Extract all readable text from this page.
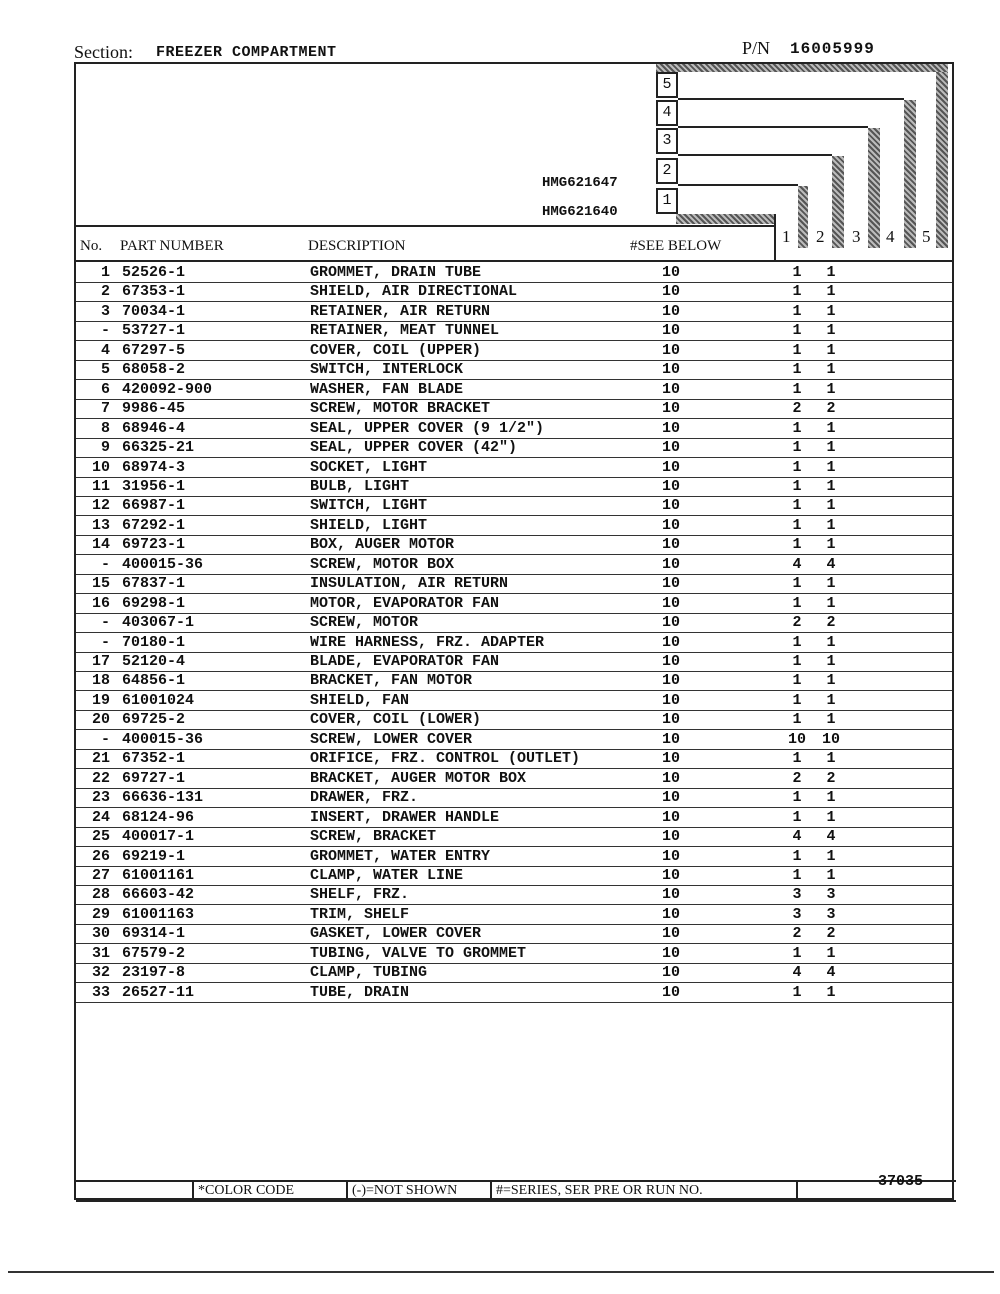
Section: FREEZER COMPARTMENT	P/N 16005999
5
4
3
2
1
1 2 3 4 5
HMG621647
HMG621640
No. PART NUMBER	DESCRIPTION	#SEE BELOW
1 52526-1	GROMMET, DRAIN TUBE	10	1	1
2 67353-1	SHIELD, AIR DIRECTIONAL	10	1	1
3 70034-1	RETAINER, AIR RETURN	10	1	1
- 53727-1	RETAINER, MEAT TUNNEL	10	1	1
4 67297-5	COVER, COIL (UPPER)	10	1	1
5 68058-2	SWITCH, INTERLOCK	10	1	1
6 420092-900	WASHER, FAN BLADE	10	1	1
7 9986-45	SCREW, MOTOR BRACKET	10	2	2
8 68946-4	SEAL, UPPER COVER (9 1/2")	10	1	1
9 66325-21	SEAL, UPPER COVER (42")	10	1	1
10 68974-3	SOCKET, LIGHT	10	1	1
11 31956-1	BULB, LIGHT	10	1	1
12 66987-1	SWITCH, LIGHT	10	1	1
13 67292-1	SHIELD, LIGHT	10	1	1
14 69723-1	BOX, AUGER MOTOR	10	1	1
- 400015-36	SCREW, MOTOR BOX	10	4	4
15 67837-1	INSULATION, AIR RETURN	10	1	1
16 69298-1	MOTOR, EVAPORATOR FAN	10	1	1
- 403067-1	SCREW, MOTOR	10	2	2
- 70180-1	WIRE HARNESS, FRZ. ADAPTER	10	1	1
17 52120-4	BLADE, EVAPORATOR FAN	10	1	1
18 64856-1	BRACKET, FAN MOTOR	10	1	1
19 61001024	SHIELD, FAN	10	1	1
20 69725-2	COVER, COIL (LOWER)	10	1	1
- 400015-36	SCREW, LOWER COVER	10	10	10
21 67352-1	ORIFICE, FRZ. CONTROL (OUTLET)	10	1	1
22 69727-1	BRACKET, AUGER MOTOR BOX	10	2	2
23 66636-131	DRAWER, FRZ.	10	1	1
24 68124-96	INSERT, DRAWER HANDLE	10	1	1
25 400017-1	SCREW, BRACKET	10	4	4
26 69219-1	GROMMET, WATER ENTRY	10	1	1
27 61001161	CLAMP, WATER LINE	10	1	1
28 66603-42	SHELF, FRZ.	10	3	3
29 61001163	TRIM, SHELF	10	3	3
30 69314-1	GASKET, LOWER COVER	10	2	2
31 67579-2	TUBING, VALVE TO GROMMET	10	1	1
32 23197-8	CLAMP, TUBING	10	4	4
33 26527-11	TUBE, DRAIN	10	1	1
*COLOR CODE	(-)=NOT SHOWN	#=SERIES, SER PRE OR RUN NO.
37035
